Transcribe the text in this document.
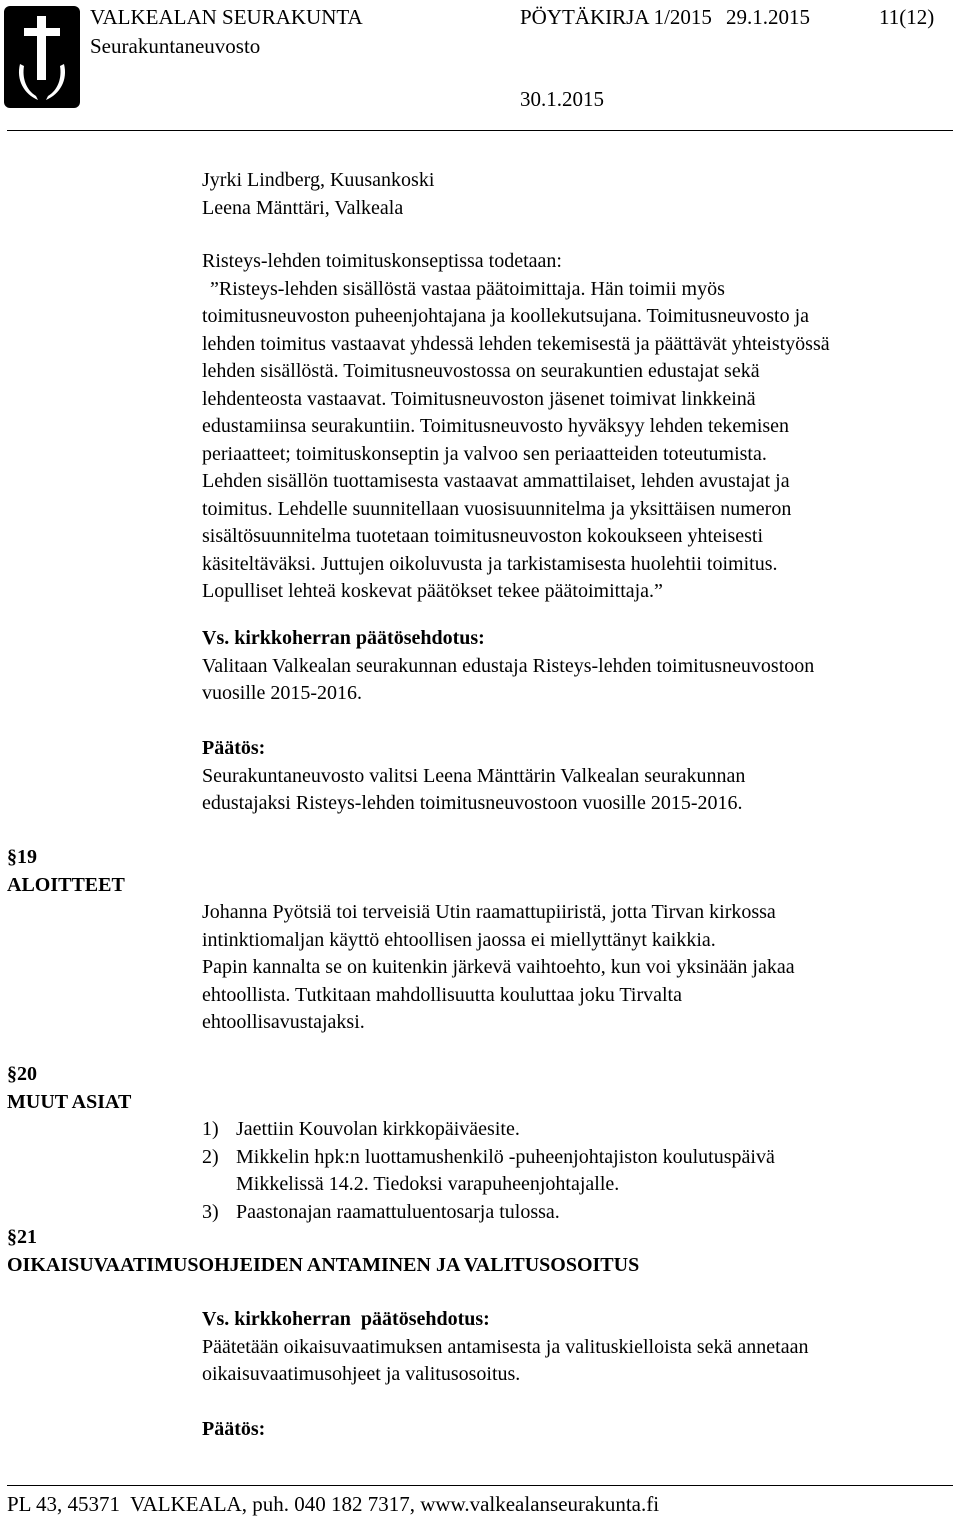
VALKEALAN SEURAKUNTA
Seurakuntaneuvosto
PÖYTÄKIRJA 1/2015 29.1.2015	11(12)
30.1.2015
Jyrki Lindberg, Kuusankoski
Leena Mänttäri, Valkeala
Risteys-lehden toimituskonseptissa todetaan:
”Risteys-lehden sisällöstä vastaa päätoimittaja. Hän toimii myös
toimitusneuvoston puheenjohtajana ja koollekutsujana. Toimitusneuvosto ja
lehden toimitus vastaavat yhdessä lehden tekemisestä ja päättävät yhteistyössä
lehden sisällöstä. Toimitusneuvostossa on seurakuntien edustajat sekä
lehdenteosta vastaavat. Toimitusneuvoston jäsenet toimivat linkkeinä
edustamiinsa seurakuntiin. Toimitusneuvosto hyväksyy lehden tekemisen
periaatteet; toimituskonseptin ja valvoo sen periaatteiden toteutumista.
Lehden sisällön tuottamisesta vastaavat ammattilaiset, lehden avustajat ja
toimitus. Lehdelle suunnitellaan vuosisuunnitelma ja yksittäisen numeron
sisältösuunnitelma tuotetaan toimitusneuvoston kokoukseen yhteisesti
käsiteltäväksi. Juttujen oikoluvusta ja tarkistamisesta huolehtii toimitus.
Lopulliset lehteä koskevat päätökset tekee päätoimittaja.”
Vs. kirkkoherran päätösehdotus:
Valitaan Valkealan seurakunnan edustaja Risteys-lehden toimitusneuvostoon
vuosille 2015-2016.
Päätös:
Seurakuntaneuvosto valitsi Leena Mänttärin Valkealan seurakunnan
edustajaksi Risteys-lehden toimitusneuvostoon vuosille 2015-2016.
§19
ALOITTEET
Johanna Pyötsiä toi terveisiä Utin raamattupiiristä, jotta Tirvan kirkossa
intinktiomaljan käyttö ehtoollisen jaossa ei miellyttänyt kaikkia.
Papin kannalta se on kuitenkin järkevä vaihtoehto, kun voi yksinään jakaa
ehtoollista. Tutkitaan mahdollisuutta kouluttaa joku Tirvalta
ehtoollisavustajaksi.
§20
MUUT ASIAT
1) Jaettiin Kouvolan kirkkopäiväesite.
2) Mikkelin hpk:n luottamushenkilö -puheenjohtajiston koulutuspäivä
Mikkelissä 14.2. Tiedoksi varapuheenjohtajalle.
3) Paastonajan raamattuluentosarja tulossa.
§21
OIKAISUVAATIMUSOHJEIDEN ANTAMINEN JA VALITUSOSOITUS
Vs. kirkkoherran  päätösehdotus:
Päätetään oikaisuvaatimuksen antamisesta ja valituskielloista sekä annetaan
oikaisuvaatimusohjeet ja valitusosoitus.
Päätös:
PL 43, 45371  VALKEALA, puh. 040 182 7317, www.valkealanseurakunta.fi
